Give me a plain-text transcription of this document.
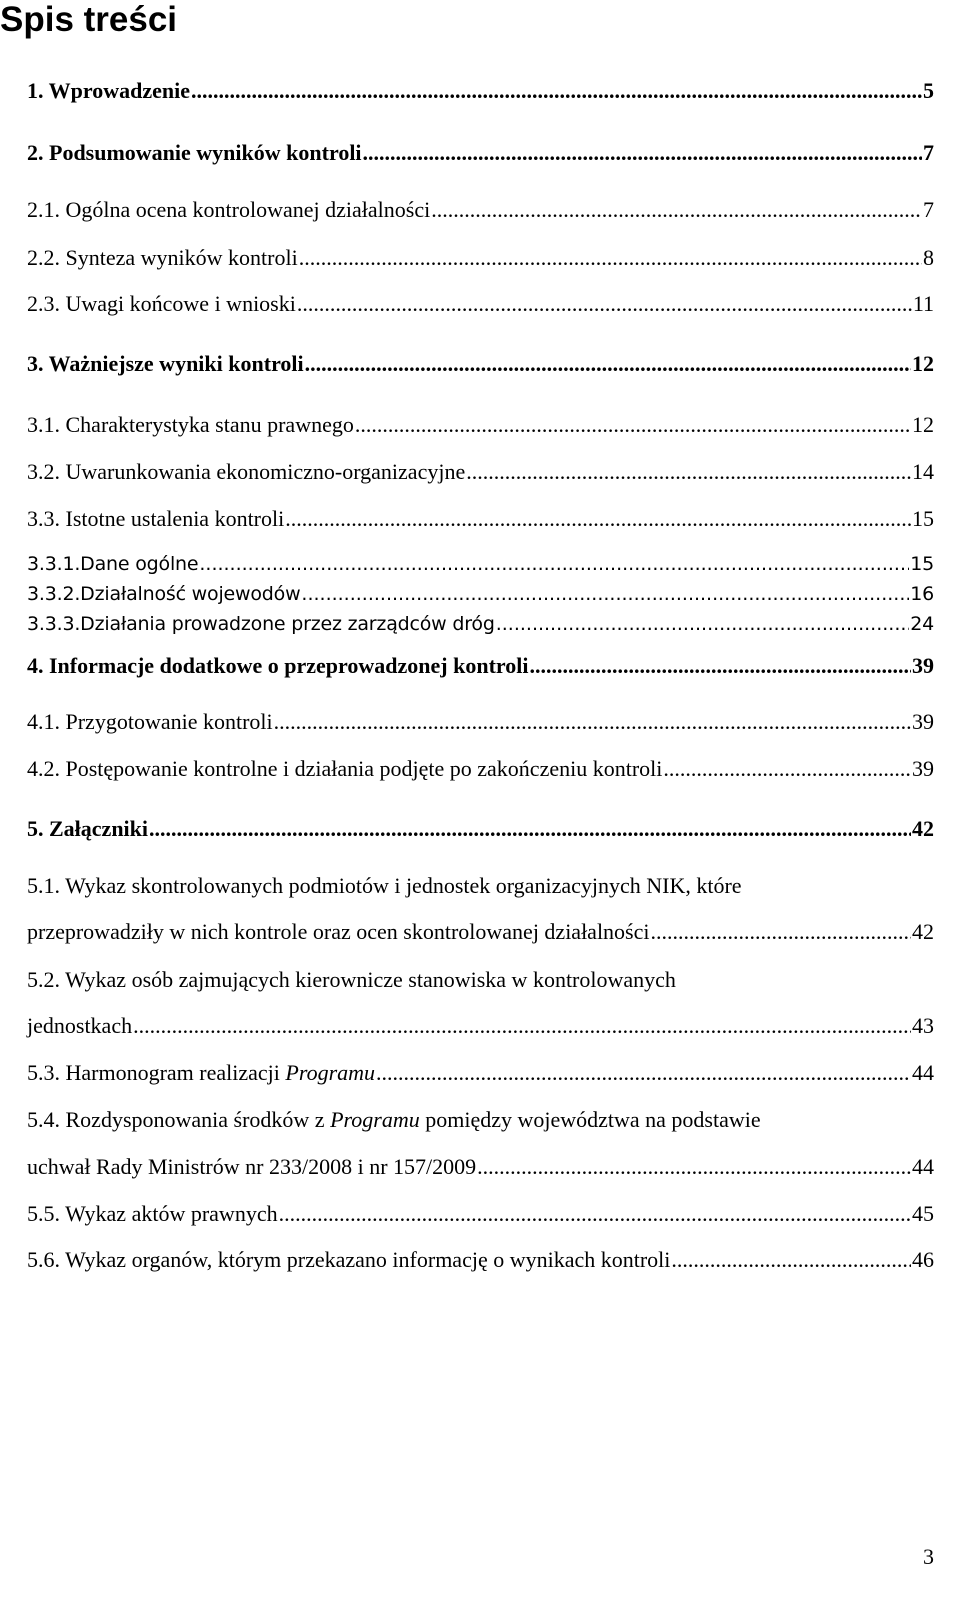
Spis treści
1. Wprowadzenie .....	5
2. Podsumowanie wyników kontroli .....	7
2.1. Ogólna ocena kontrolowanej działalności .....	7
2.2. Synteza wyników kontroli .....	8
2.3. Uwagi końcowe i wnioski .....	11
3. Ważniejsze wyniki kontroli .....	12
3.1. Charakterystyka stanu prawnego .....	12
3.2. Uwarunkowania ekonomiczno-organizacyjne .....	14
3.3. Istotne ustalenia kontroli .....	15
3.3.1.Dane ogólne .....	15
3.3.2.Działalność wojewodów .....	16
3.3.3.Działania prowadzone przez zarządców dróg .....	24
4. Informacje dodatkowe o przeprowadzonej kontroli .....	39
4.1. Przygotowanie kontroli .....	39
4.2. Postępowanie kontrolne i działania podjęte po zakończeniu kontroli .....	39
5. Załączniki .....	42
5.1. Wykaz skontrolowanych podmiotów i jednostek organizacyjnych NIK, które
przeprowadziły w nich kontrole oraz ocen skontrolowanej działalności .....	42
5.2. Wykaz osób zajmujących kierownicze stanowiska w kontrolowanych
jednostkach .....	43
5.3. Harmonogram realizacji Programu .....	44
5.4. Rozdysponowania środków z Programu pomiędzy województwa na podstawie
uchwał Rady Ministrów nr 233/2008 i nr 157/2009 .....	44
5.5. Wykaz aktów prawnych .....	45
5.6. Wykaz organów, którym przekazano informację o wynikach kontroli .....	46
3
